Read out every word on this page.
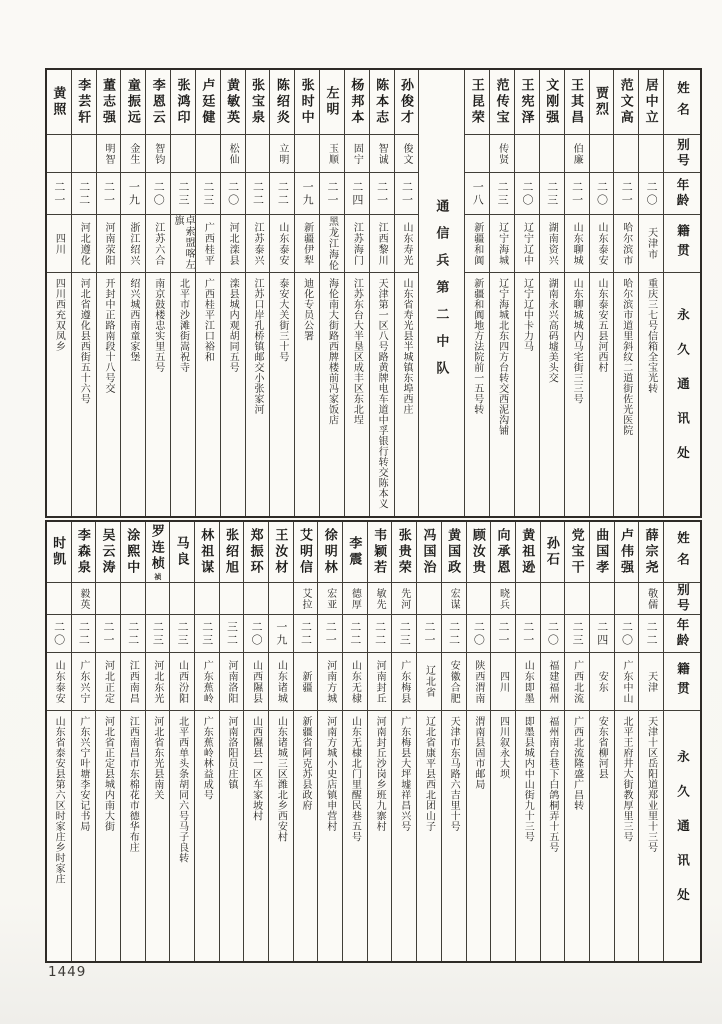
姓名
别号
年龄
籍贯
永久通讯处
居中立
二〇
天津市
重庆三七号信箱全宝光转
范文高
二一
哈尔滨市
哈尔滨市道里斜纹二道街佐光医院
贾烈
二〇
山东泰安
山东泰安五县河西村
王其昌
伯廉
二一
山东聊城
山东聊城城内马宅街三三号
文刚强
二三
湖南资兴
湖南永兴高码墟美头交
王宪泽
二〇
辽宁辽中
辽宁辽中卡力马
范传宝
传贤
二三
辽宁海城
辽宁海城北东四方台转交西泥沟铺
王昆荣
一八
新疆和阗
新疆和阗地方法院前一五号转
通信兵第二中队
孙俊才
俊文
二一
山东寿光
山东省寿光县半城镇东埠西庄
陈本志
智诚
二一
江西黎川
天津第一区八号路黄牌电车道中孚银行转交陈本义
杨邦本
固宁
二四
江苏海门
江苏东台大半垦区成丰区东北埕
左明
玉顺
二一
黑龙江海伦
海伦南大街路西牌楼前冯家饭店
张时中
一九
新疆伊犁
迪化专员公署
陈绍炎
立明
二二
山东泰安
泰安大关街三十号
张宝泉
二二
江苏泰兴
江苏口岸孔桥镇邮交小张家河
黄敏英
松仙
二〇
河北滦县
滦县城内观胡同五号
卢廷健
二三
广西桂平
广西桂平江口裕和
张鸿印
二三
卓索盟喀左旗
北平市沙滩街嵩祝寺
李恩云
智钧
二〇
江苏六合
南京鼓楼忠实里五号
童振远
金生
一九
浙江绍兴
绍兴城西南童家堡
董志强
明智
二一
河南荥阳
开封中正路南段十八号交
李芸轩
二二
河北遵化
河北省遵化县西街五十六号
黄照
二一
四川
四川西充双凤乡
姓名
别号
年龄
籍贯
永久通讯处
薛宗尧
敬儒
二二
天津
天津十区岳阳道郑业里十三号
卢伟强
二〇
广东中山
北平王府井大街教厚里三号
曲国孝
二四
安东
安东省柳河县
党宝干
二三
广西北流
广西北流隆盛广昌转
孙石
二〇
福建福州
福州南台巷下白鸽桐弄十五号
黄祖逊
二一
山东即墨
即墨县城内中山街九十三号
向承恩
晓兵
二一
四川
四川叙永大坝
顾汝贵
二〇
陕西渭南
渭南县固市邮局
黄国政
宏谋
二二
安徽合肥
天津市东马路六吉里十号
冯国治
二一
辽北省
辽北省康平县西北团山子
张贵荣
先河
二三
广东梅县
广东梅县大坪墟祥昌兴号
韦颖若
敏先
二二
河南封丘
河南封丘沙岗乡班九寨村
李震
德厚
二二
山东无棣
山东无棣北门里醒民巷五号
徐明林
宏亚
二一
河南方城
河南方城小史店镇申营村
艾明信
艾拉
二二
新疆
新疆省阿克苏县政府
王汝材
一九
山东诸城
山东诸城三区潍北乡西安村
郑振环
二〇
山西隰县
山西隰县一区车家坡村
张绍旭
三二
河南洛阳
河南洛阳员庄镇
林祖谋
二三
广东蕉岭
广东蕉岭林益成号
马良
二三
山西汾阳
北平西单头条胡同六号马子良转
罗连桢
祯
二三
河北东光
河北省东光县南关
涂熙中
二二
江西南昌
江西南昌市东棉花市德华布庄
吴云涛
二一
河北正定
河北省正定县城内南大街
李森泉
毅英
二二
广东兴宁
广东兴宁叶塘李安记书局
时凯
二〇
山东泰安
山东省泰安县第六区时家庄乡时家庄
1449
